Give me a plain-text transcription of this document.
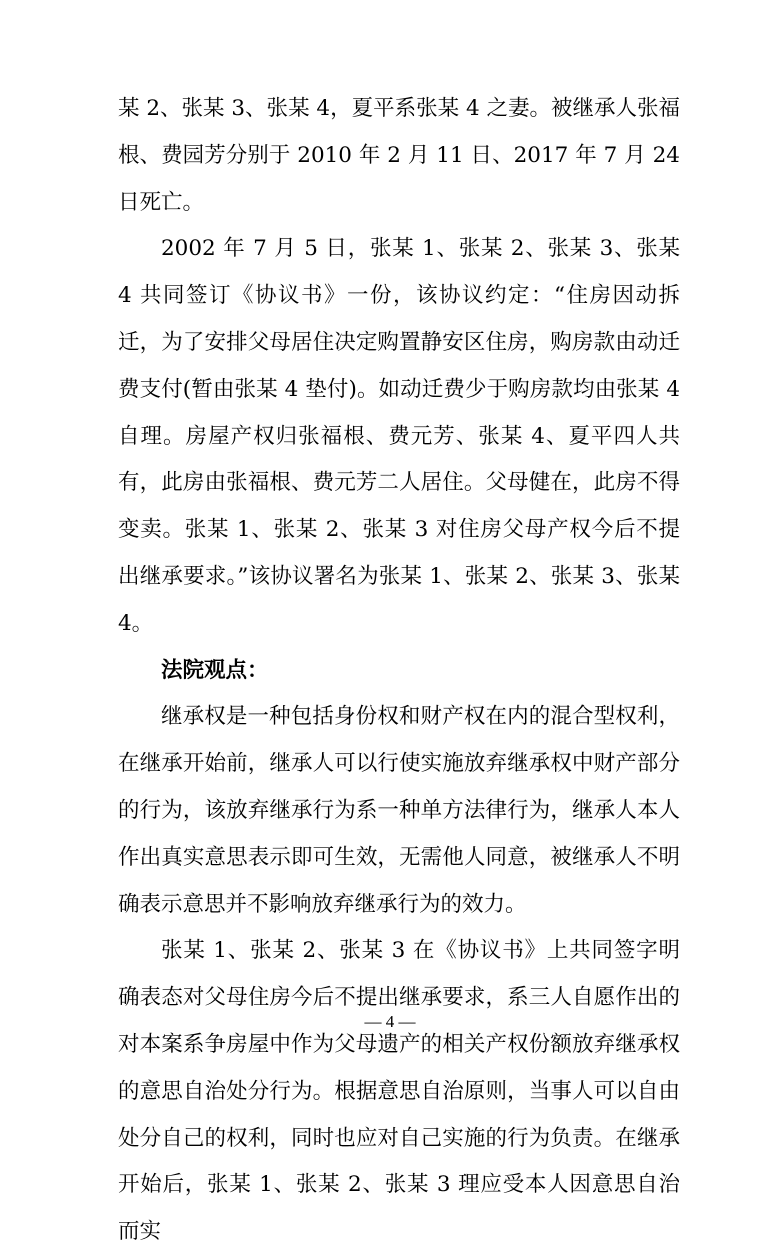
某 2、张某 3、张某 4，夏平系张某 4 之妻。被继承人张福根、费园芳分别于 2010 年 2 月 11 日、2017 年 7 月 24 日死亡。

2002 年 7 月 5 日，张某 1、张某 2、张某 3、张某 4 共同签订《协议书》一份，该协议约定：“住房因动拆迁，为了安排父母居住决定购置静安区住房，购房款由动迁费支付(暂由张某 4 垫付)。如动迁费少于购房款均由张某 4 自理。房屋产权归张福根、费元芳、张某 4、夏平四人共有，此房由张福根、费元芳二人居住。父母健在，此房不得变卖。张某 1、张某 2、张某 3 对住房父母产权今后不提出继承要求。”该协议署名为张某 1、张某 2、张某 3、张某 4。

法院观点：

继承权是一种包括身份权和财产权在内的混合型权利，在继承开始前，继承人可以行使实施放弃继承权中财产部分的行为，该放弃继承行为系一种单方法律行为，继承人本人作出真实意思表示即可生效，无需他人同意，被继承人不明确表示意思并不影响放弃继承行为的效力。

张某 1、张某 2、张某 3 在《协议书》上共同签字明确表态对父母住房今后不提出继承要求，系三人自愿作出的对本案系争房屋中作为父母遗产的相关产权份额放弃继承权的意思自治处分行为。根据意思自治原则，当事人可以自由处分自己的权利，同时也应对自己实施的行为负责。在继承开始后，张某 1、张某 2、张某 3 理应受本人因意思自治而实

— 4 —
